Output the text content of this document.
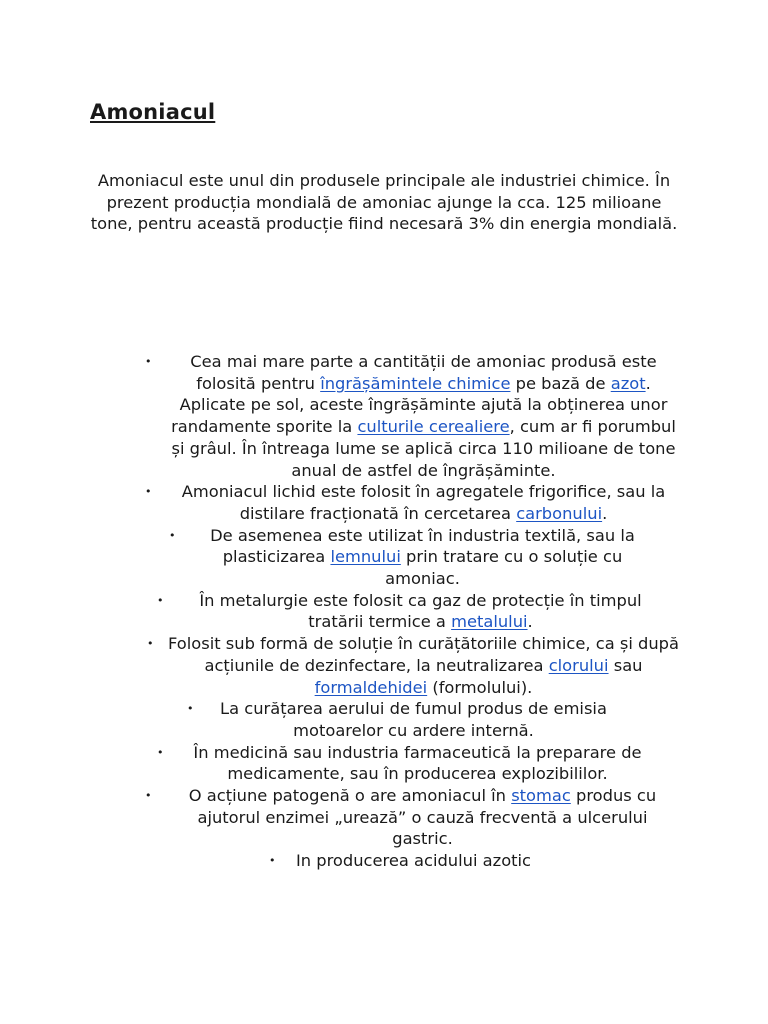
Amoniacul

Amoniacul este unul din produsele principale ale industriei chimice. În prezent producția mondială de amoniac ajunge la cca. 125 milioane tone, pentru această producție fiind necesară 3% din energia mondială.

•	Cea mai mare parte a cantității de amoniac produsă este folosită pentru îngrășămintele chimice pe bază de azot. Aplicate pe sol, aceste îngrășăminte ajută la obținerea unor randamente sporite la culturile cerealiere, cum ar fi porumbul și grâul. În întreaga lume se aplică circa 110 milioane de tone anual de astfel de îngrășăminte.
•	Amoniacul lichid este folosit în agregatele frigorifice, sau la distilare fracționată în cercetarea carbonului.
•	De asemenea este utilizat în industria textilă, sau la plasticizarea lemnului prin tratare cu o soluție cu amoniac.
•	În metalurgie este folosit ca gaz de protecție în timpul tratării termice a metalului.
• Folosit sub formă de soluție în curățătoriile chimice, ca și după acțiunile de dezinfectare, la neutralizarea clorului sau formaldehidei (formolului).
•	La curățarea aerului de fumul produs de emisia motoarelor cu ardere internă.
•	În medicină sau industria farmaceutică la preparare de medicamente, sau în producerea explozibililor.
•	O acțiune patogenă o are amoniacul în stomac produs cu ajutorul enzimei „urează” o cauză frecventă a ulcerului gastric.
•	In producerea acidului azotic
